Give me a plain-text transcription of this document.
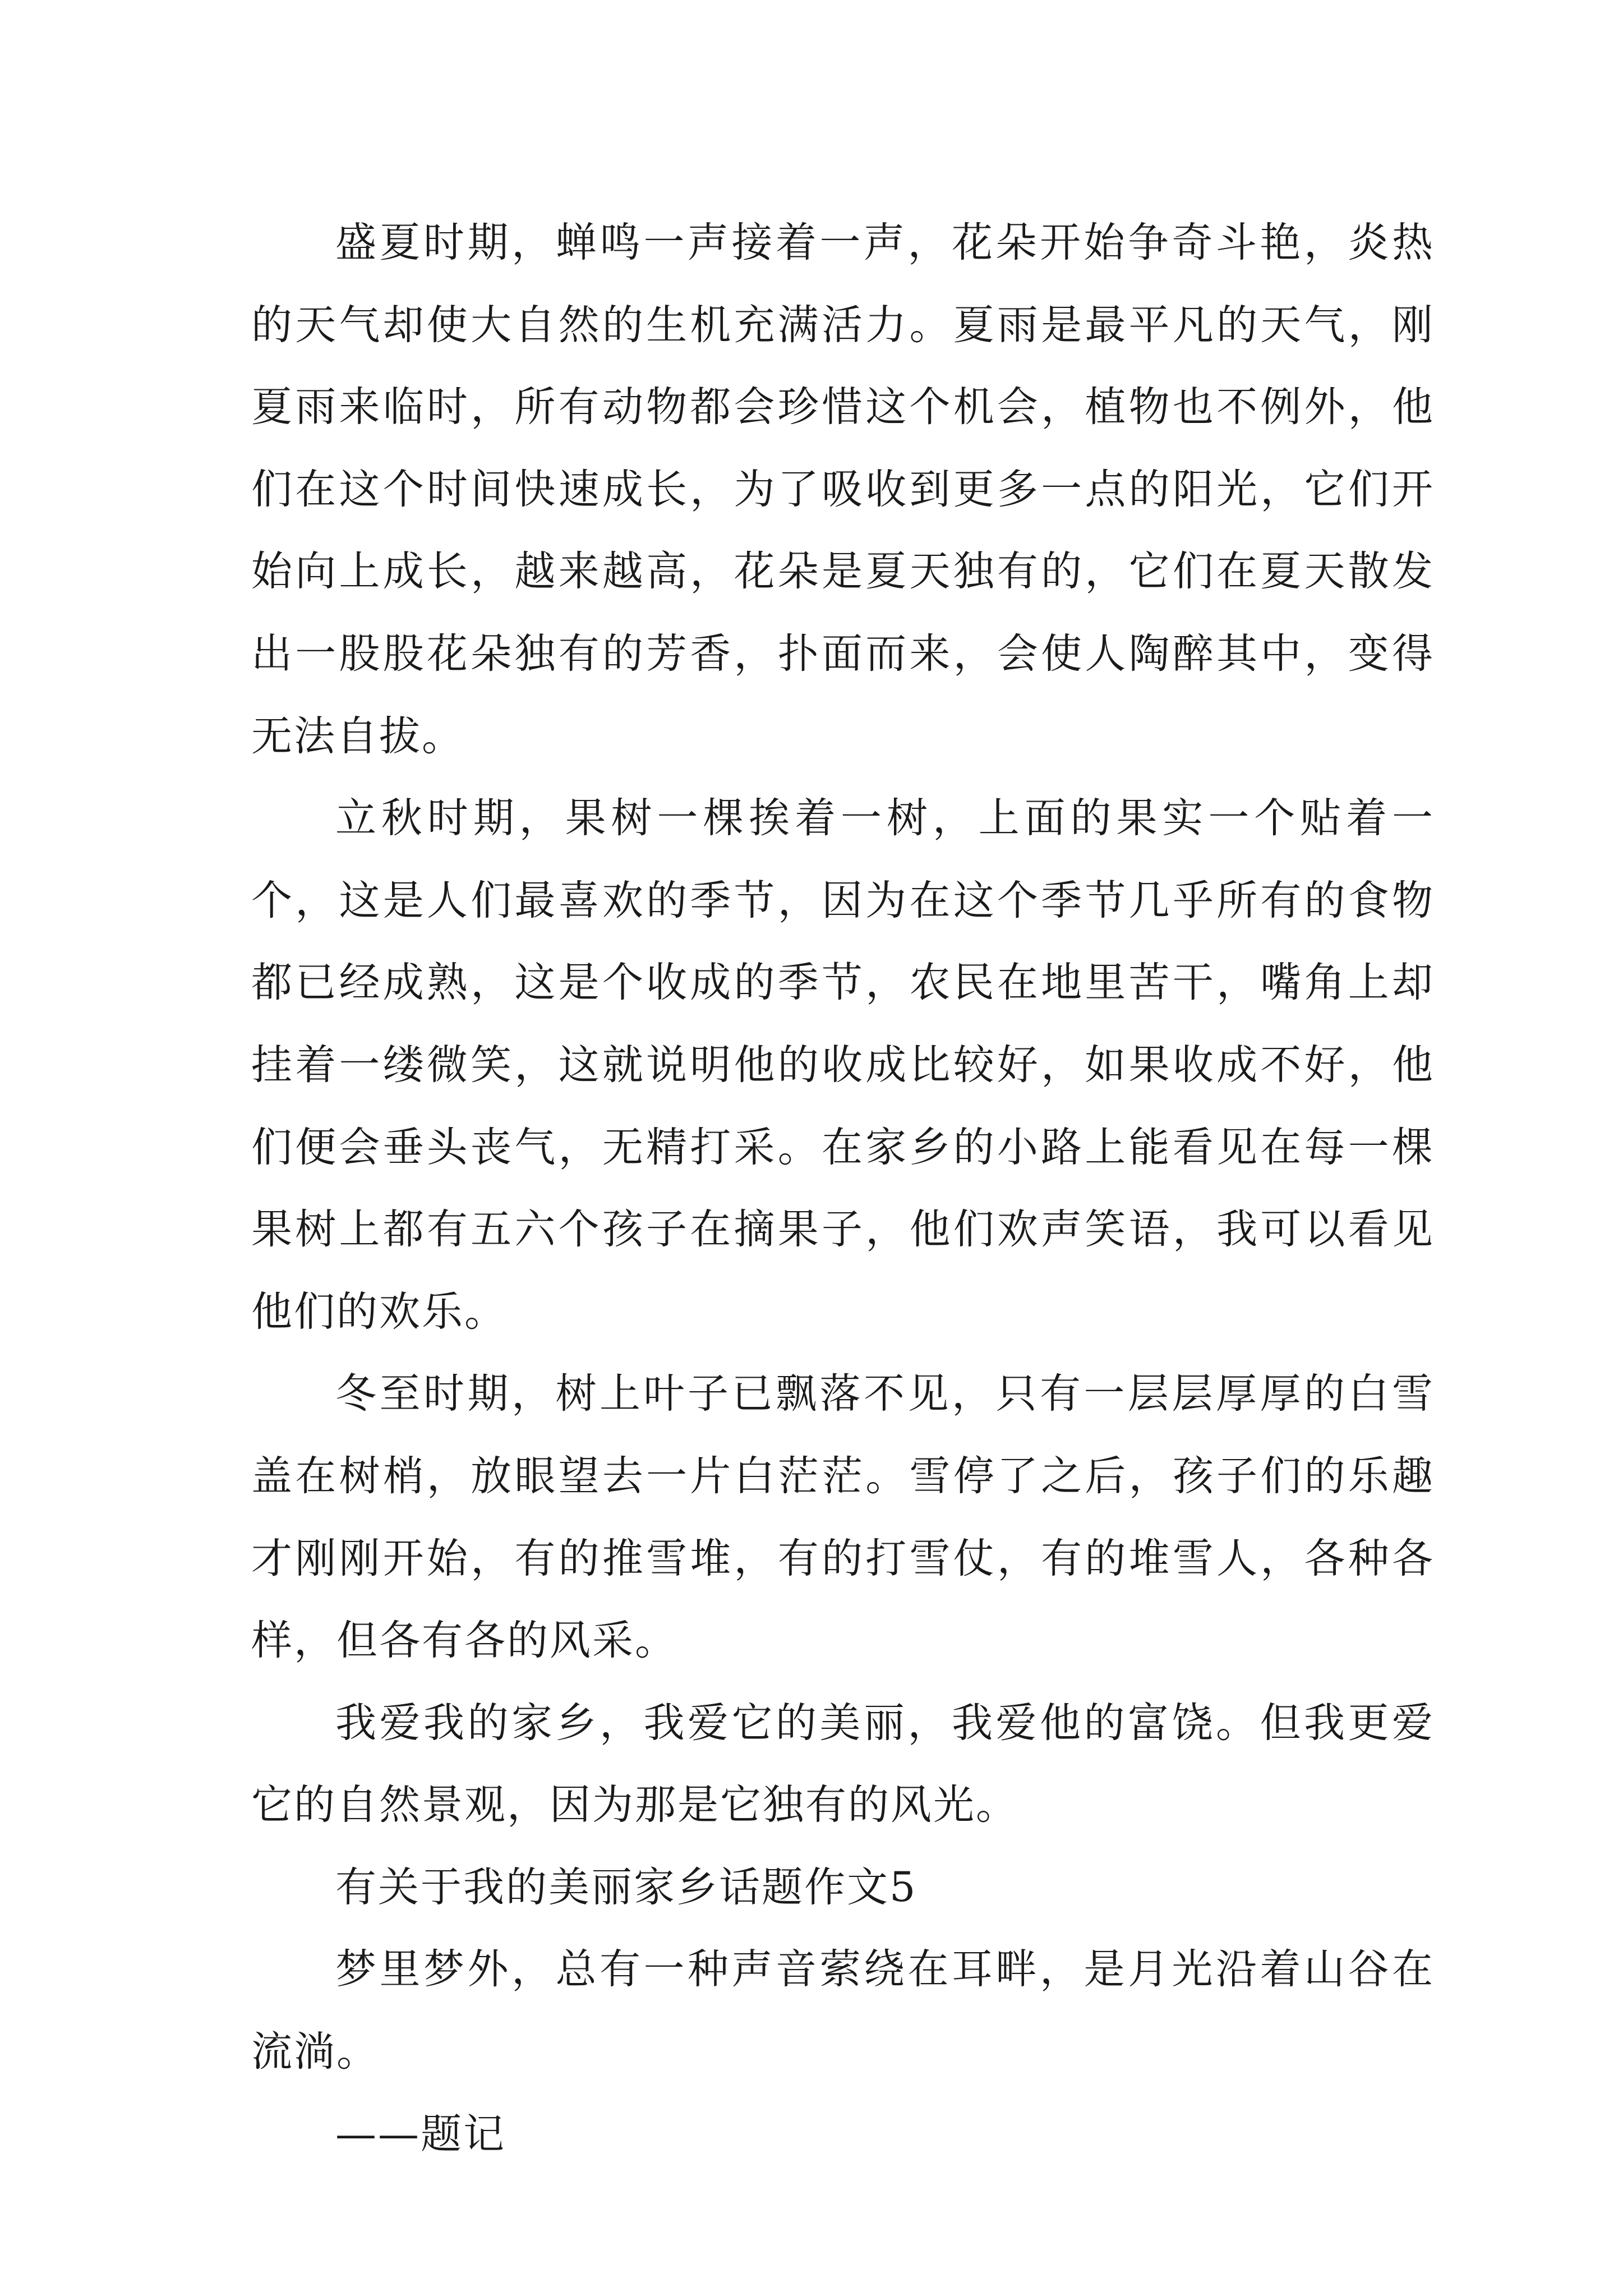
盛夏时期，蝉鸣一声接着一声，花朵开始争奇斗艳，炎热的天气却使大自然的生机充满活力。夏雨是最平凡的天气，刚夏雨来临时，所有动物都会珍惜这个机会，植物也不例外，他们在这个时间快速成长，为了吸收到更多一点的阳光，它们开始向上成长，越来越高，花朵是夏天独有的，它们在夏天散发出一股股花朵独有的芳香，扑面而来，会使人陶醉其中，变得无法自拔。

立秋时期，果树一棵挨着一树，上面的果实一个贴着一个，这是人们最喜欢的季节，因为在这个季节几乎所有的食物都已经成熟，这是个收成的季节，农民在地里苦干，嘴角上却挂着一缕微笑，这就说明他的收成比较好，如果收成不好，他们便会垂头丧气，无精打采。在家乡的小路上能看见在每一棵果树上都有五六个孩子在摘果子，他们欢声笑语，我可以看见他们的欢乐。

冬至时期，树上叶子已飘落不见，只有一层层厚厚的白雪盖在树梢，放眼望去一片白茫茫。雪停了之后，孩子们的乐趣才刚刚开始，有的推雪堆，有的打雪仗，有的堆雪人，各种各样，但各有各的风采。

我爱我的家乡，我爱它的美丽，我爱他的富饶。但我更爱它的自然景观，因为那是它独有的风光。

有关于我的美丽家乡话题作文5

梦里梦外，总有一种声音萦绕在耳畔，是月光沿着山谷在流淌。

——题记
